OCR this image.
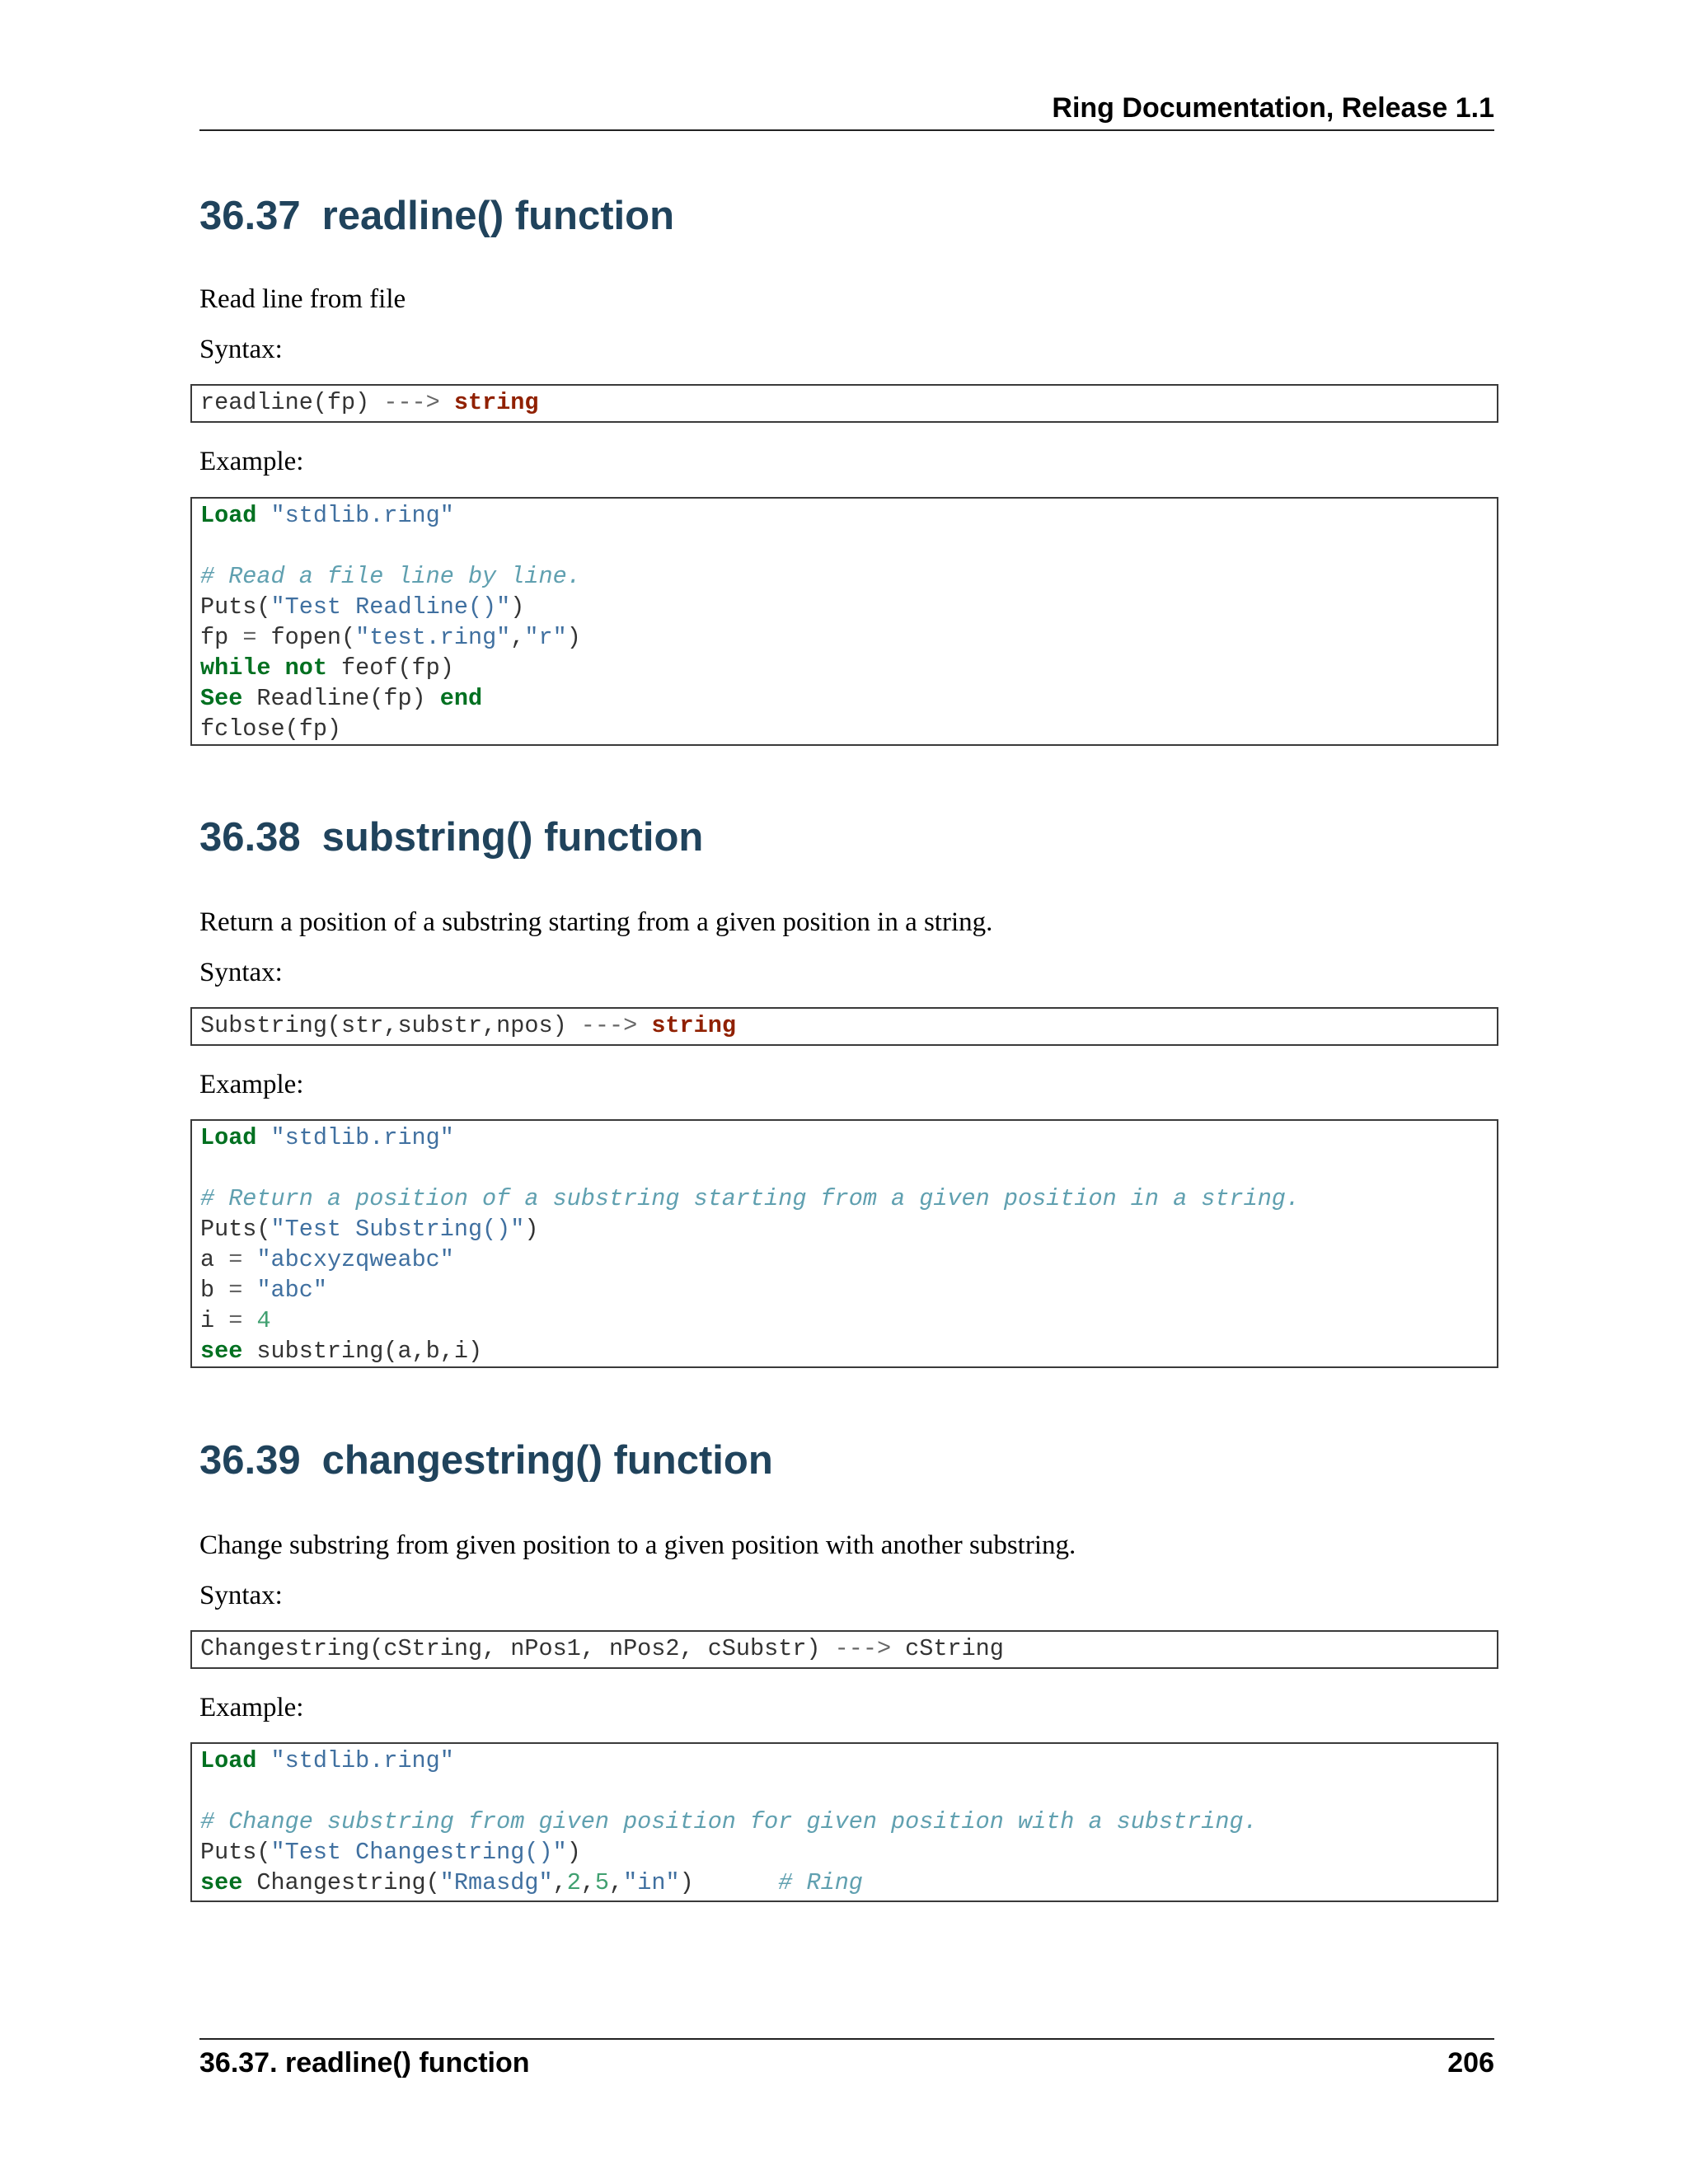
Ring Documentation, Release 1.1
36.37 readline() function

Read line from file

Syntax:

readline(fp) ---> string

Example:

Load "stdlib.ring"

# Read a file line by line.
Puts("Test Readline()")
fp = fopen("test.ring","r")
while not feof(fp)
See Readline(fp) end
fclose(fp)
36.38 substring() function

Return a position of a substring starting from a given position in a string.

Syntax:

Substring(str,substr,npos) ---> string

Example:

Load "stdlib.ring"

# Return a position of a substring starting from a given position in a string.
Puts("Test Substring()")
a = "abcxyzqweabc"
b = "abc"
i = 4
see substring(a,b,i)
36.39 changestring() function

Change substring from given position to a given position with another substring.

Syntax:

Changestring(cString, nPos1, nPos2, cSubstr) ---> cString

Example:

Load "stdlib.ring"

# Change substring from given position for given position with a substring.
Puts("Test Changestring()")
see Changestring("Rmasdg",2,5,"in")	# Ring
36.37. readline() function	206
